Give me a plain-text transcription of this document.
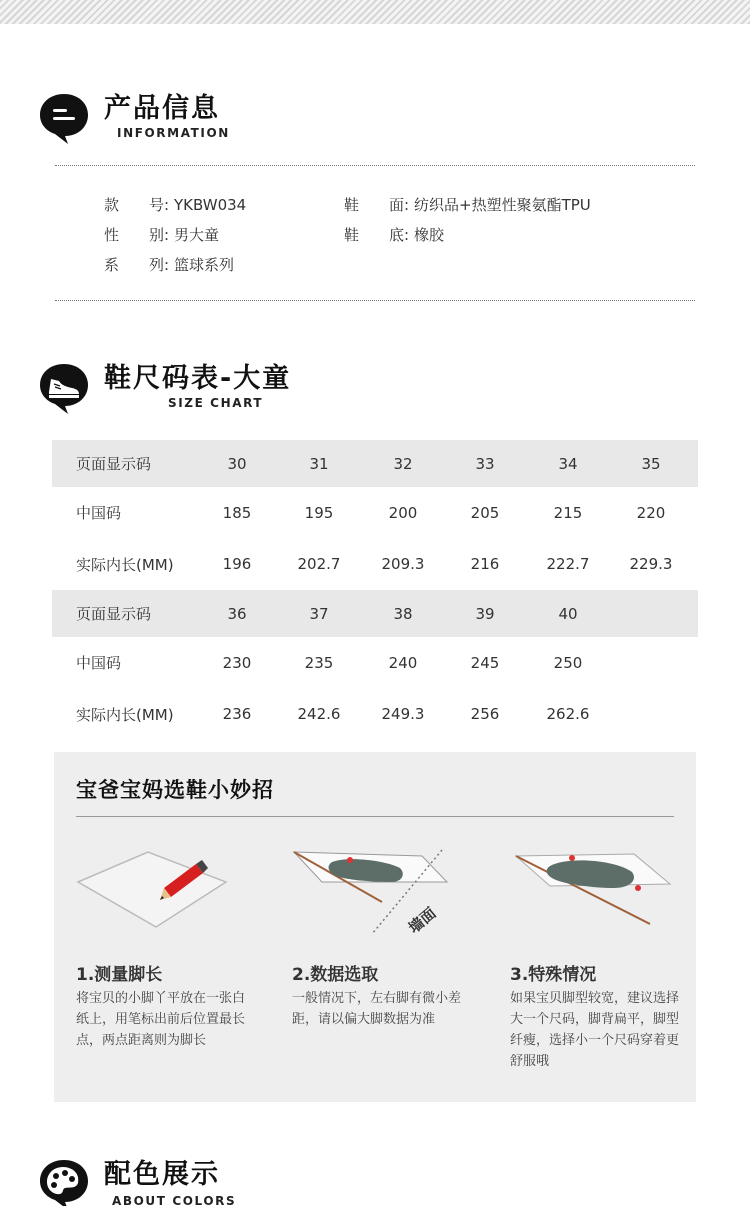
产品信息
INFORMATION
款　　号: YKBW034	鞋　　面: 纺织品+热塑性聚氨酯TPU
性　　别: 男大童	鞋　　底: 橡胶
系　　列: 篮球系列
鞋尺码表-大童
SIZE CHART
页面显示码	30	31	32	33	34	35
中国码	185	195	200	205	215	220
实际内长(MM)	196	202.7	209.3	216	222.7	229.3
页面显示码	36	37	38	39	40
中国码	230	235	240	245	250
实际内长(MM)	236	242.6	249.3	256	262.6
宝爸宝妈选鞋小妙招
1.测量脚长
将宝贝的小脚丫平放在一张白纸上，用笔标出前后位置最长点，两点距离则为脚长
墙面
2.数据选取
一般情况下，左右脚有微小差距，请以偏大脚数据为准
3.特殊情况
如果宝贝脚型较宽，建议选择大一个尺码，脚背扁平，脚型纤瘦，选择小一个尺码穿着更舒服哦
配色展示
ABOUT COLORS
